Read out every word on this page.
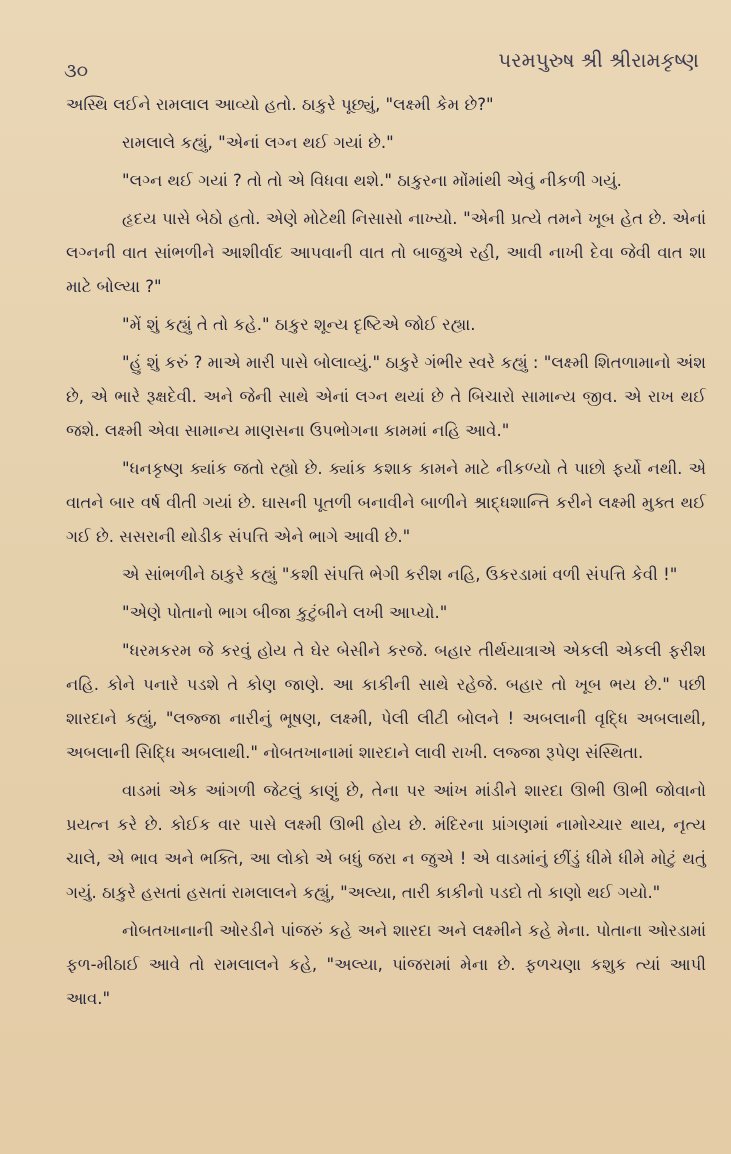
૩૦	પરમપુરુષ શ્રી શ્રીરામકૃષ્ણ

અસ્થિ લઈને રામલાલ આવ્યો હતો. ઠાકુરે પૂછ્યું, "લક્ષ્મી કેમ છે?"

રામલાલે કહ્યું, "એનાં લગ્ન થઈ ગયાં છે."

"લગ્ન થઈ ગયાં ? તો તો એ વિધવા થશે." ઠાકુરના મોંમાંથી એવું નીકળી ગયું.

હૃદય પાસે બેઠો હતો. એણે મોટેથી નિસાસો નાખ્યો. "એની પ્રત્યે તમને ખૂબ હેત છે. એનાં લગ્નની વાત સાંભળીને આશીર્વાદ આપવાની વાત તો બાજુએ રહી, આવી નાખી દેવા જેવી વાત શા માટે બોલ્યા ?"

"મેં શું કહ્યું તે તો કહે." ઠાકુર શૂન્ય દૃષ્ટિએ જોઈ રહ્યા.

"હું શું કરું ? માએ મારી પાસે બોલાવ્યું." ઠાકુરે ગંભીર સ્વરે કહ્યું : "લક્ષ્મી શિતળામાનો અંશ છે, એ ભારે રૂક્ષદેવી. અને જેની સાથે એનાં લગ્ન થયાં છે તે બિચારો સામાન્ય જીવ. એ રાખ થઈ જશે. લક્ષ્મી એવા સામાન્ય માણસના ઉપભોગના કામમાં નહિ આવે."

"ધનકૃષ્ણ ક્યાંક જતો રહ્યો છે. ક્યાંક કશાક કામને માટે નીકળ્યો તે પાછો ફર્યો નથી. એ વાતને બાર વર્ષ વીતી ગયાં છે. ઘાસની પૂતળી બનાવીને બાળીને શ્રાદ્ધશાન્તિ કરીને લક્ષ્મી મુક્ત થઈ ગઈ છે. સસરાની થોડીક સંપત્તિ એને ભાગે આવી છે."

એ સાંભળીને ઠાકુરે કહ્યું "કશી સંપત્તિ ભેગી કરીશ નહિ, ઉકરડામાં વળી સંપત્તિ કેવી !"

"એણે પોતાનો ભાગ બીજા કુટુંબીને લખી આપ્યો."

"ધરમકરમ જે કરવું હોય તે ઘેર બેસીને કરજે. બહાર તીર્થયાત્રાએ એકલી એકલી ફરીશ નહિ. કોને પનારે પડશે તે કોણ જાણે. આ કાકીની સાથે રહેજે. બહાર તો ખૂબ ભય છે." પછી શારદાને કહ્યું, "લજ્જા નારીનું ભૂષણ, લક્ષ્મી, પેલી લીટી બોલને ! અબલાની વૃદ્ધિ અબલાથી, અબલાની સિદ્ધિ અબલાથી." નોબતખાનામાં શારદાને લાવી રાખી. લજ્જા રૂપેણ સંસ્થિતા.

વાડમાં એક આંગળી જેટલું કાણું છે, તેના પર આંખ માંડીને શારદા ઊભી ઊભી જોવાનો પ્રયત્ન કરે છે. કોઈક વાર પાસે લક્ષ્મી ઊભી હોય છે. મંદિરના પ્રાંગણમાં નામોચ્ચાર થાય, નૃત્ય ચાલે, એ ભાવ અને ભક્તિ, આ લોકો એ બધું જરા ન જુએ ! એ વાડમાંનું છીંડું ધીમે ધીમે મોટું થતું ગયું. ઠાકુરે હસતાં હસતાં રામલાલને કહ્યું, "અલ્યા, તારી કાકીનો પડદો તો કાણો થઈ ગયો."

નોબતખાનાની ઓરડીને પાંજરું કહે અને શારદા અને લક્ષ્મીને કહે મેના. પોતાના ઓરડામાં ફળ-મીઠાઈ આવે તો રામલાલને કહે, "અલ્યા, પાંજરામાં મેના છે. ફળચણા કશુક ત્યાં આપી આવ."
